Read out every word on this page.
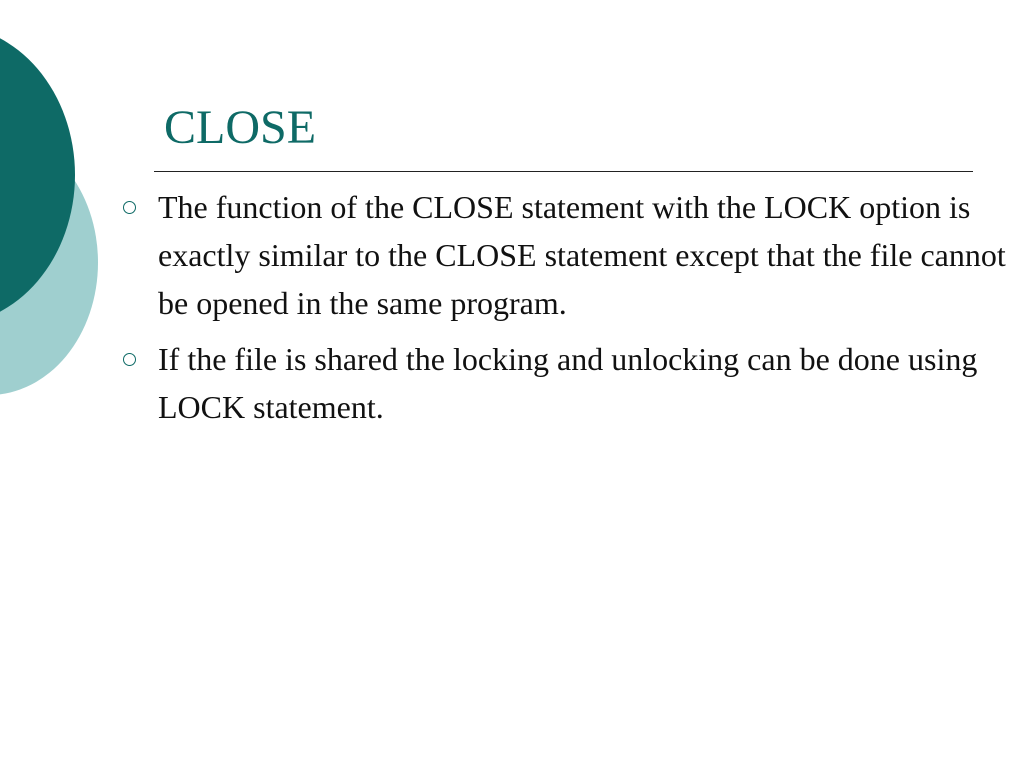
CLOSE
The function of the CLOSE statement with the LOCK option is exactly similar to the CLOSE statement except that the file cannot be opened in the same program.
If the file is shared the locking and unlocking can be done using LOCK statement.
